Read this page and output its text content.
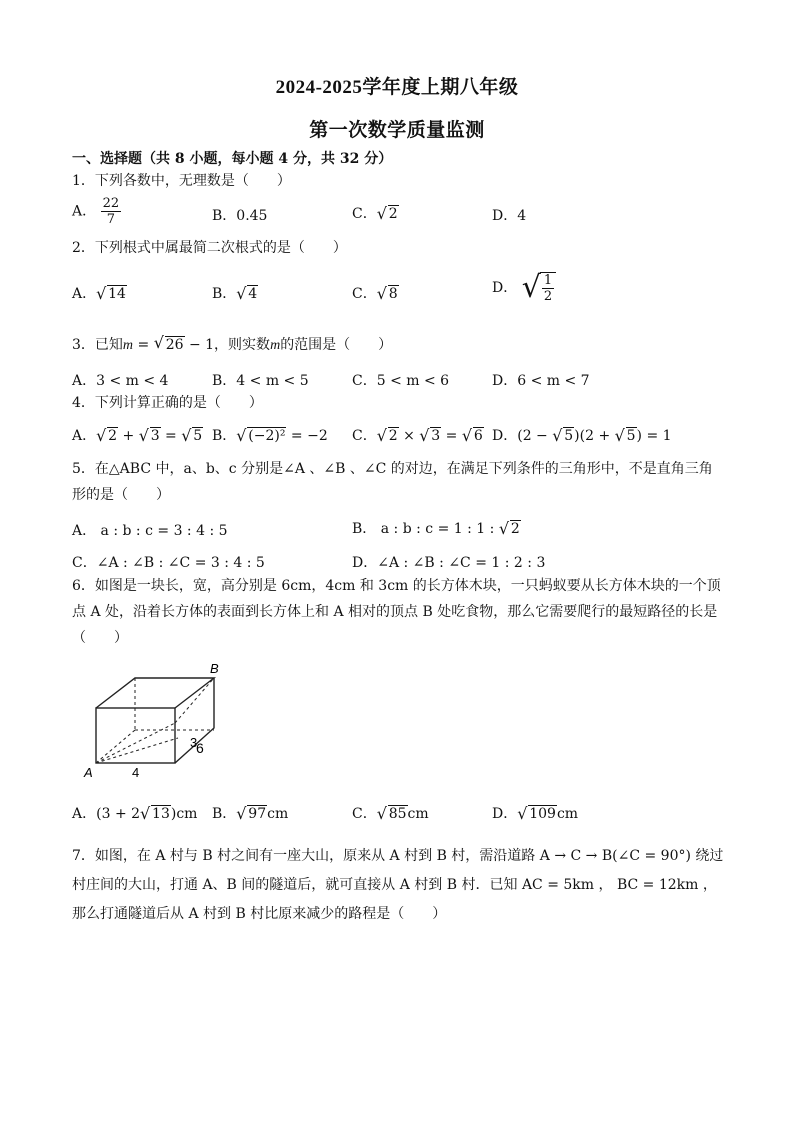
2024-2025学年度上期八年级
第一次数学质量监测
一、选择题（共 8 小题，每小题 4 分，共 32 分）
1．下列各数中，无理数是（　　）
A． $\frac{22}{7}$	B．0.45	C． √ 2	D．4
2．下列根式中属最简二次根式的是（　　）
A． √ 14	B． √ 4	C． √ 8	D． √ $\frac{1}{2}$
3．已知m = √ 26 − 1，则实数m的范围是（　　）
A．3 < m < 4	B．4 < m < 5	C．5 < m < 6	D．6 < m < 7
4．下列计算正确的是（　　）
A． √ 2 + √ 3 = √ 5 B． √ (−2)² = −2 C． √ 2 × √ 3 = √ 6 D．(2 − √ 5)(2 + √ 5) = 1
5．在△ABC 中，a、b、c 分别是∠A 、∠B 、∠C 的对边，在满足下列条件的三角形中，不是直角三角形的是（　　）
A． a : b : c = 3 : 4 : 5	B． a : b : c = 1 : 1 : √ 2
C．∠A : ∠B : ∠C = 3 : 4 : 5	D．∠A : ∠B : ∠C = 1 : 2 : 3
6．如图是一块长，宽，高分别是 6cm，4cm 和 3cm 的长方体木块，一只蚂蚁要从长方体木块的一个顶点 A 处，沿着长方体的表面到长方体上和 A 相对的顶点 B 处吃食物，那么它需要爬行的最短路径的长是（　　）
B
A	4
3
6
A．(3 + 2 √ 13)cm B． √ 97cm	C． √ 85cm	D． √ 109cm
7．如图，在 A 村与 B 村之间有一座大山，原来从 A 村到 B 村，需沿道路 A → C → B(∠C = 90°) 绕过村庄间的大山，打通 A、B 间的隧道后，就可直接从 A 村到 B 村．已知 AC = 5km ， BC = 12km ，那么打通隧道后从 A 村到 B 村比原来减少的路程是（　　）
